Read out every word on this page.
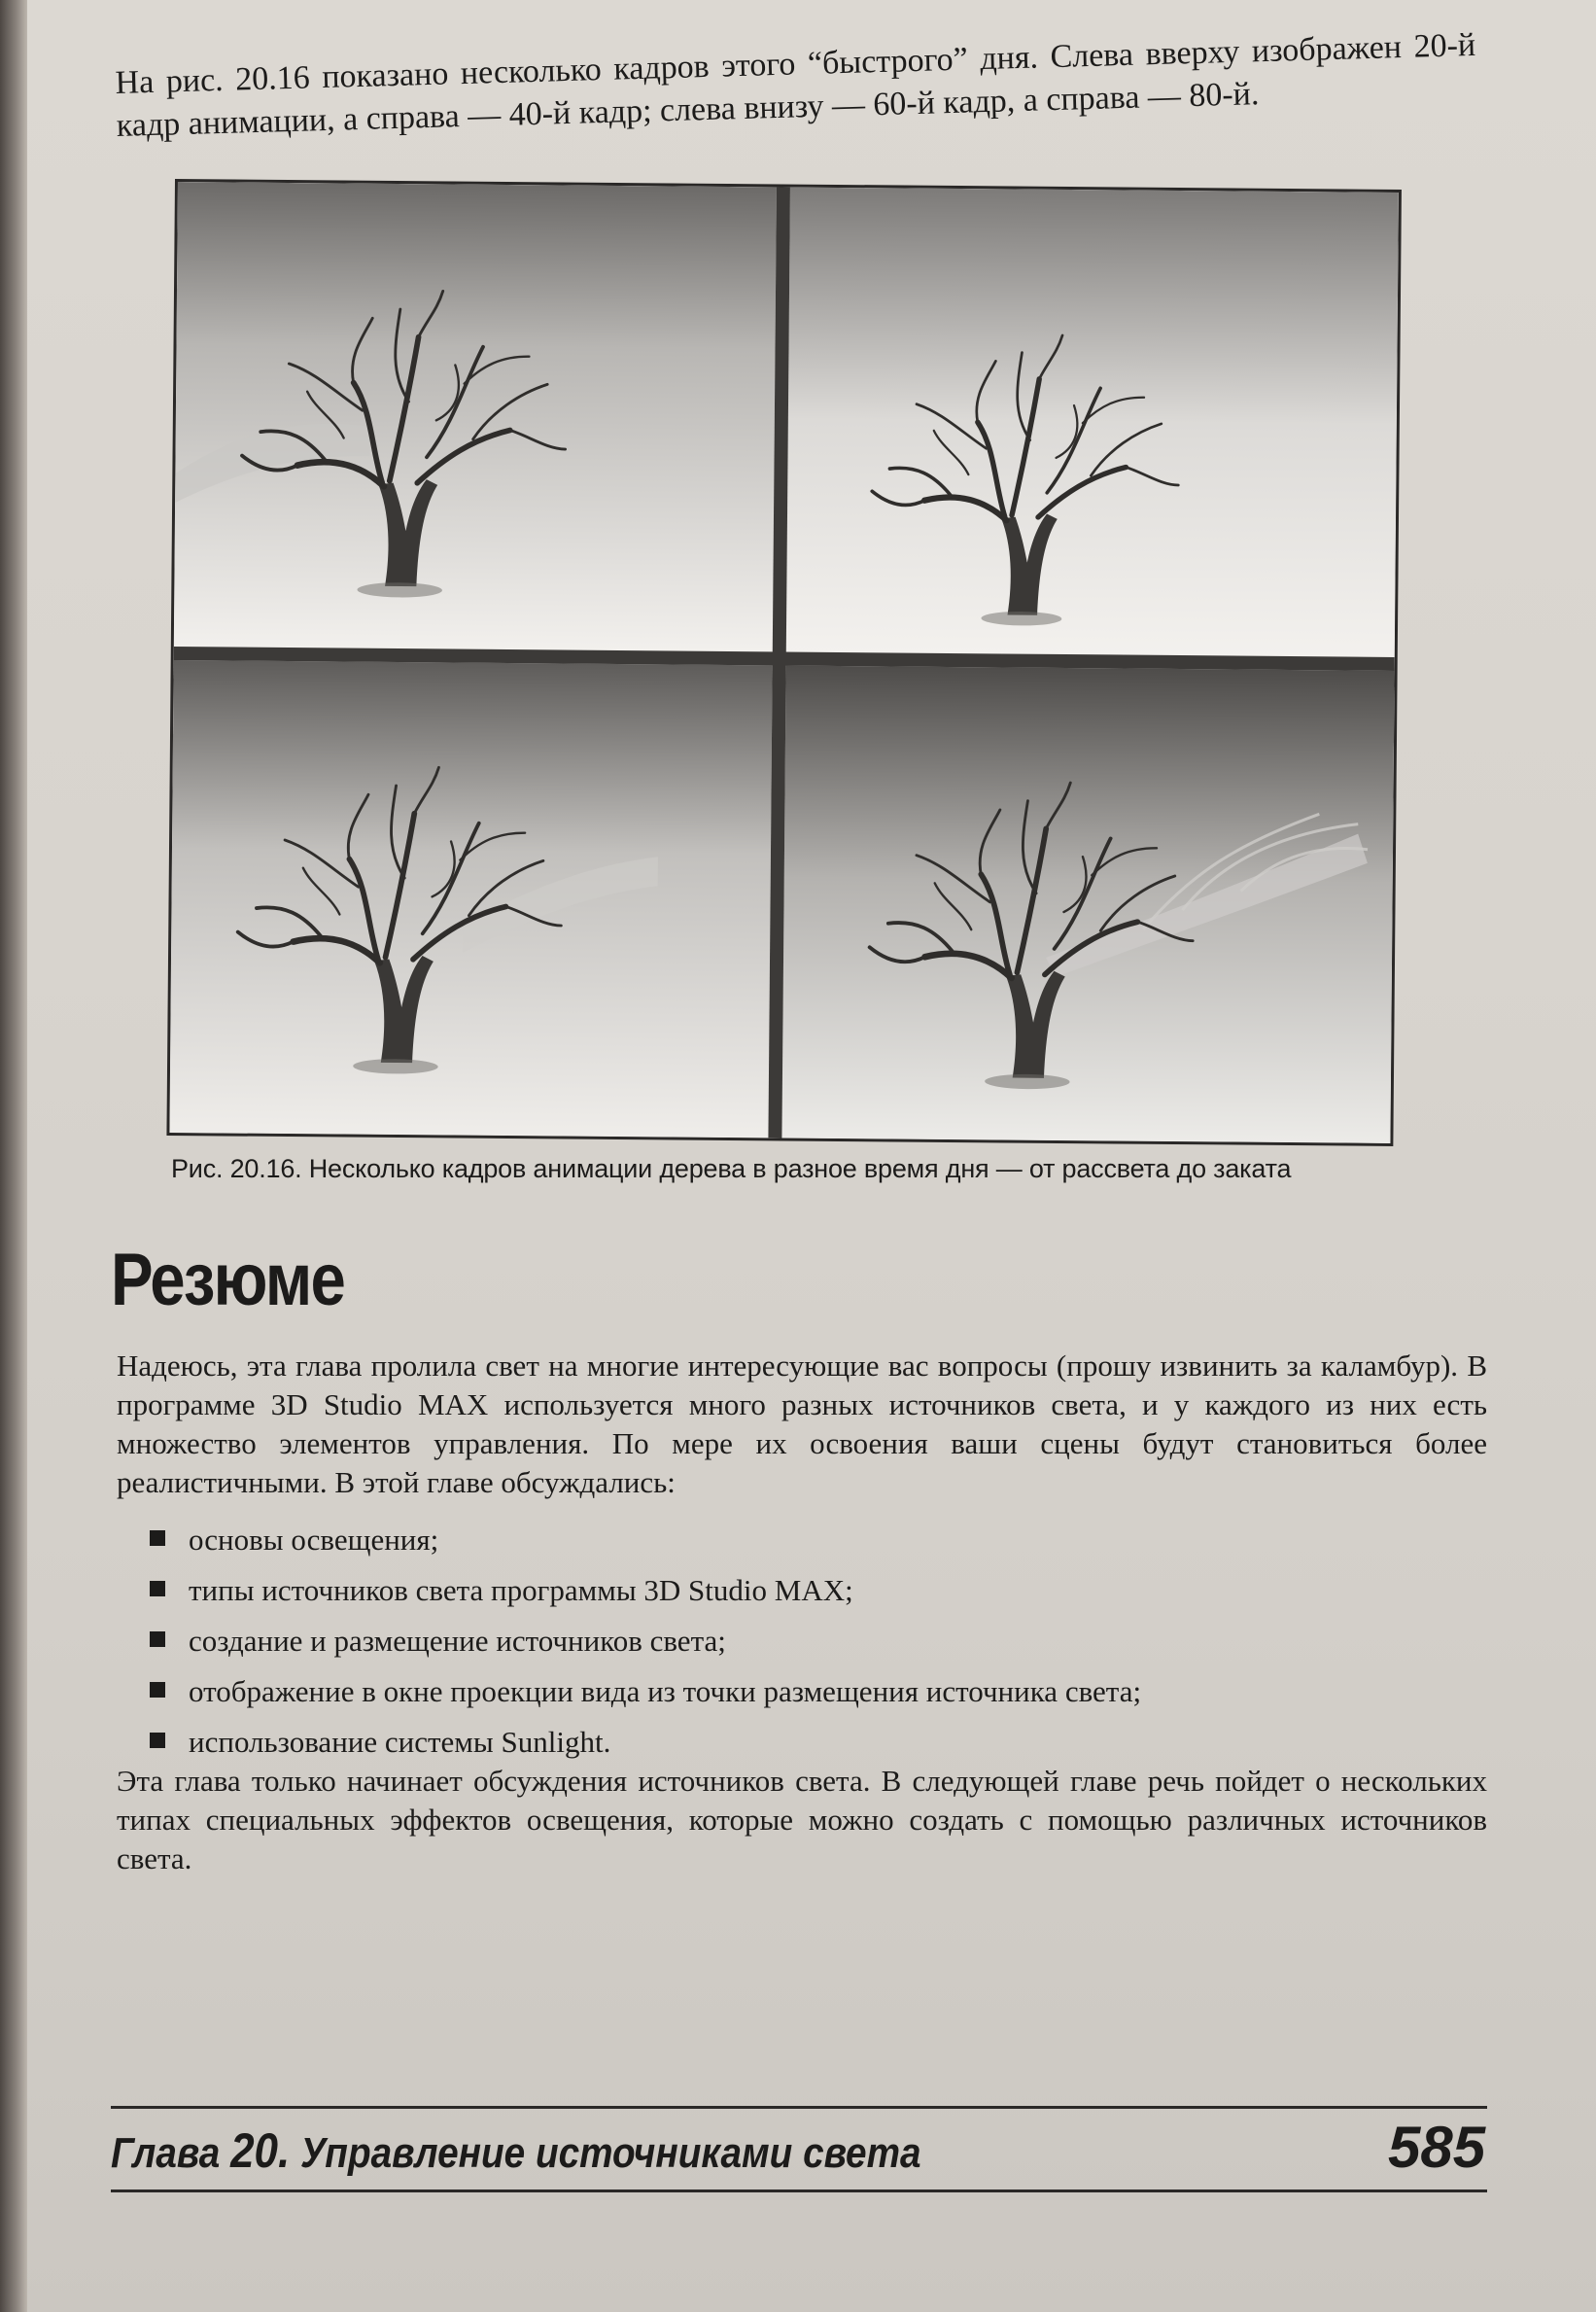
На рис. 20.16 показано несколько кадров этого “быстрого” дня. Слева вверху изображен 20-й кадр анимации, а справа — 40-й кадр; слева внизу — 60-й кадр, а справа — 80-й.

Рис. 20.16. Несколько кадров анимации дерева в разное время дня — от рассвета до заката
Резюме

Надеюсь, эта глава пролила свет на многие интересующие вас вопросы (прошу извинить за каламбур). В программе 3D Studio MAX используется много разных источников света, и у каждого из них есть множество элементов управления. По мере их освоения ваши сцены будут становиться более реалистичными. В этой главе обсуждались:

основы освещения;
типы источников света программы 3D Studio MAX;
создание и размещение источников света;
отображение в окне проекции вида из точки размещения источника света;
использование системы Sunlight.

Эта глава только начинает обсуждения источников света. В следующей главе речь пойдет о нескольких типах специальных эффектов освещения, которые можно создать с помощью различных источников света.

Глава 20. Управление источниками света	585
